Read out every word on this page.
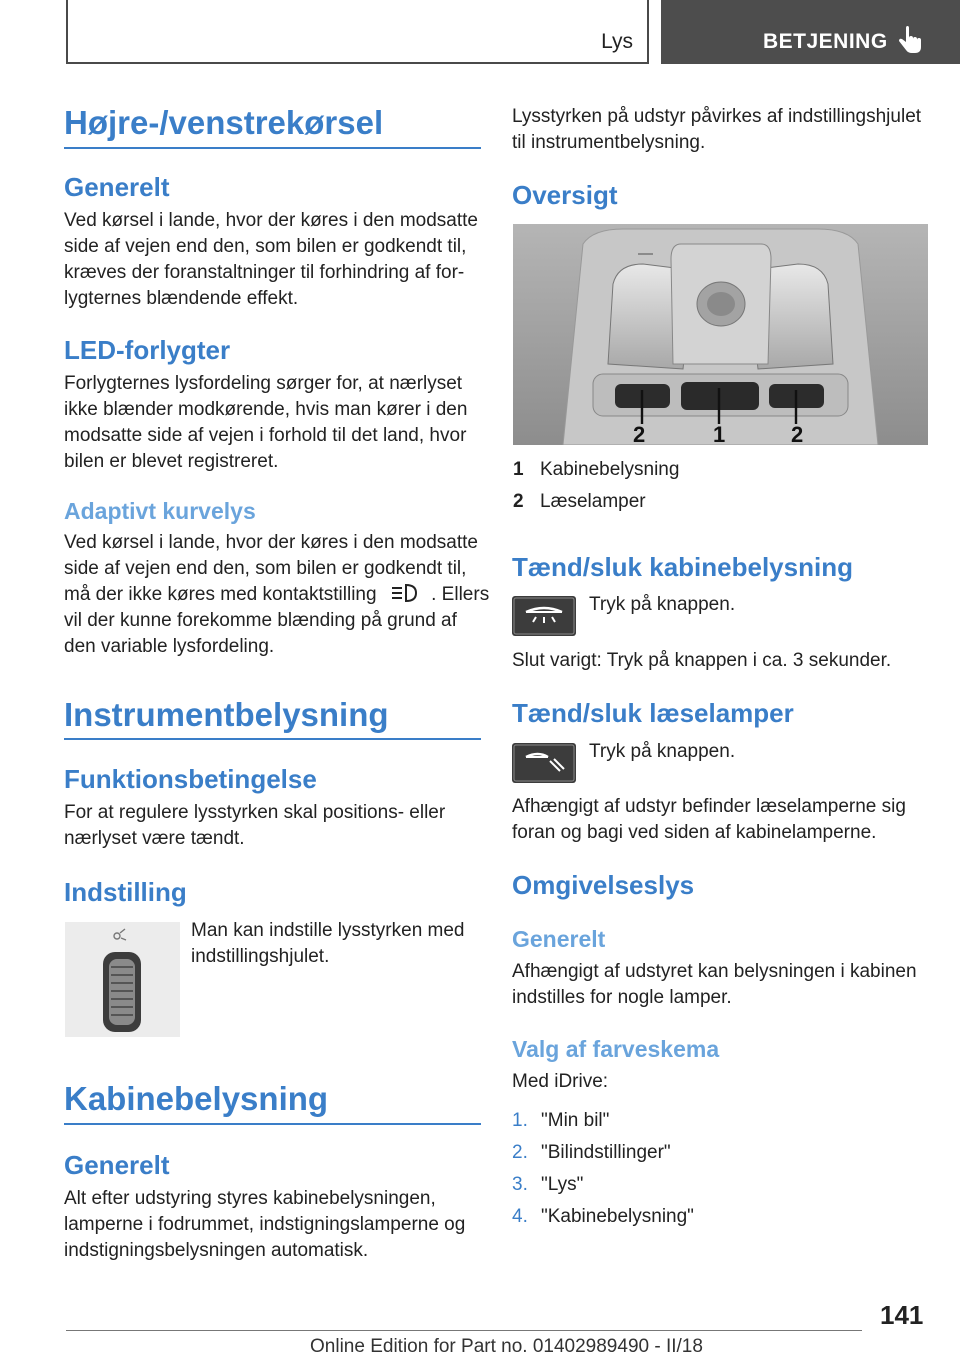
Lys	BETJENING
Højre-/venstrekørsel
Generelt
Ved kørsel i lande, hvor der køres i den modsatte
side af vejen end den, som bilen er godkendt til,
kræves der foranstaltninger til forhindring af for-
lygternes blændende effekt.
LED-forlygter
Forlygternes lysfordeling sørger for, at nærlyset
ikke blænder modkørende, hvis man kører i den
modsatte side af vejen i forhold til det land, hvor
bilen er blevet registreret.
Adaptivt kurvelys
Ved kørsel i lande, hvor der køres i den modsatte
side af vejen end den, som bilen er godkendt til,
må der ikke køres med kontaktstilling	. Ellers
vil der kunne forekomme blænding på grund af
den variable lysfordeling.
Instrumentbelysning
Funktionsbetingelse
For at regulere lysstyrken skal positions- eller
nærlyset være tændt.
Indstilling
Man kan indstille lysstyrken med
indstillingshjulet.
Kabinebelysning
Generelt
Alt efter udstyring styres kabinebelysningen,
lamperne i fodrummet, indstigningslamperne og
indstigningsbelysningen automatisk.
Lysstyrken på udstyr påvirkes af indstillingshjulet
til instrumentbelysning.
Oversigt
2	1	2
1 Kabinebelysning
2 Læselamper
Tænd/sluk kabinebelysning
Tryk på knappen.
Slut varigt: Tryk på knappen i ca. 3 sekunder.
Tænd/sluk læselamper
Tryk på knappen.
Afhængigt af udstyr befinder læselamperne sig
foran og bagi ved siden af kabinelamperne.
Omgivelseslys
Generelt
Afhængigt af udstyret kan belysningen i kabinen
indstilles for nogle lamper.
Valg af farveskema
Med iDrive:
1. "Min bil"
2. "Bilindstillinger"
3. "Lys"
4. "Kabinebelysning"
141
Online Edition for Part no. 01402989490 - II/18
